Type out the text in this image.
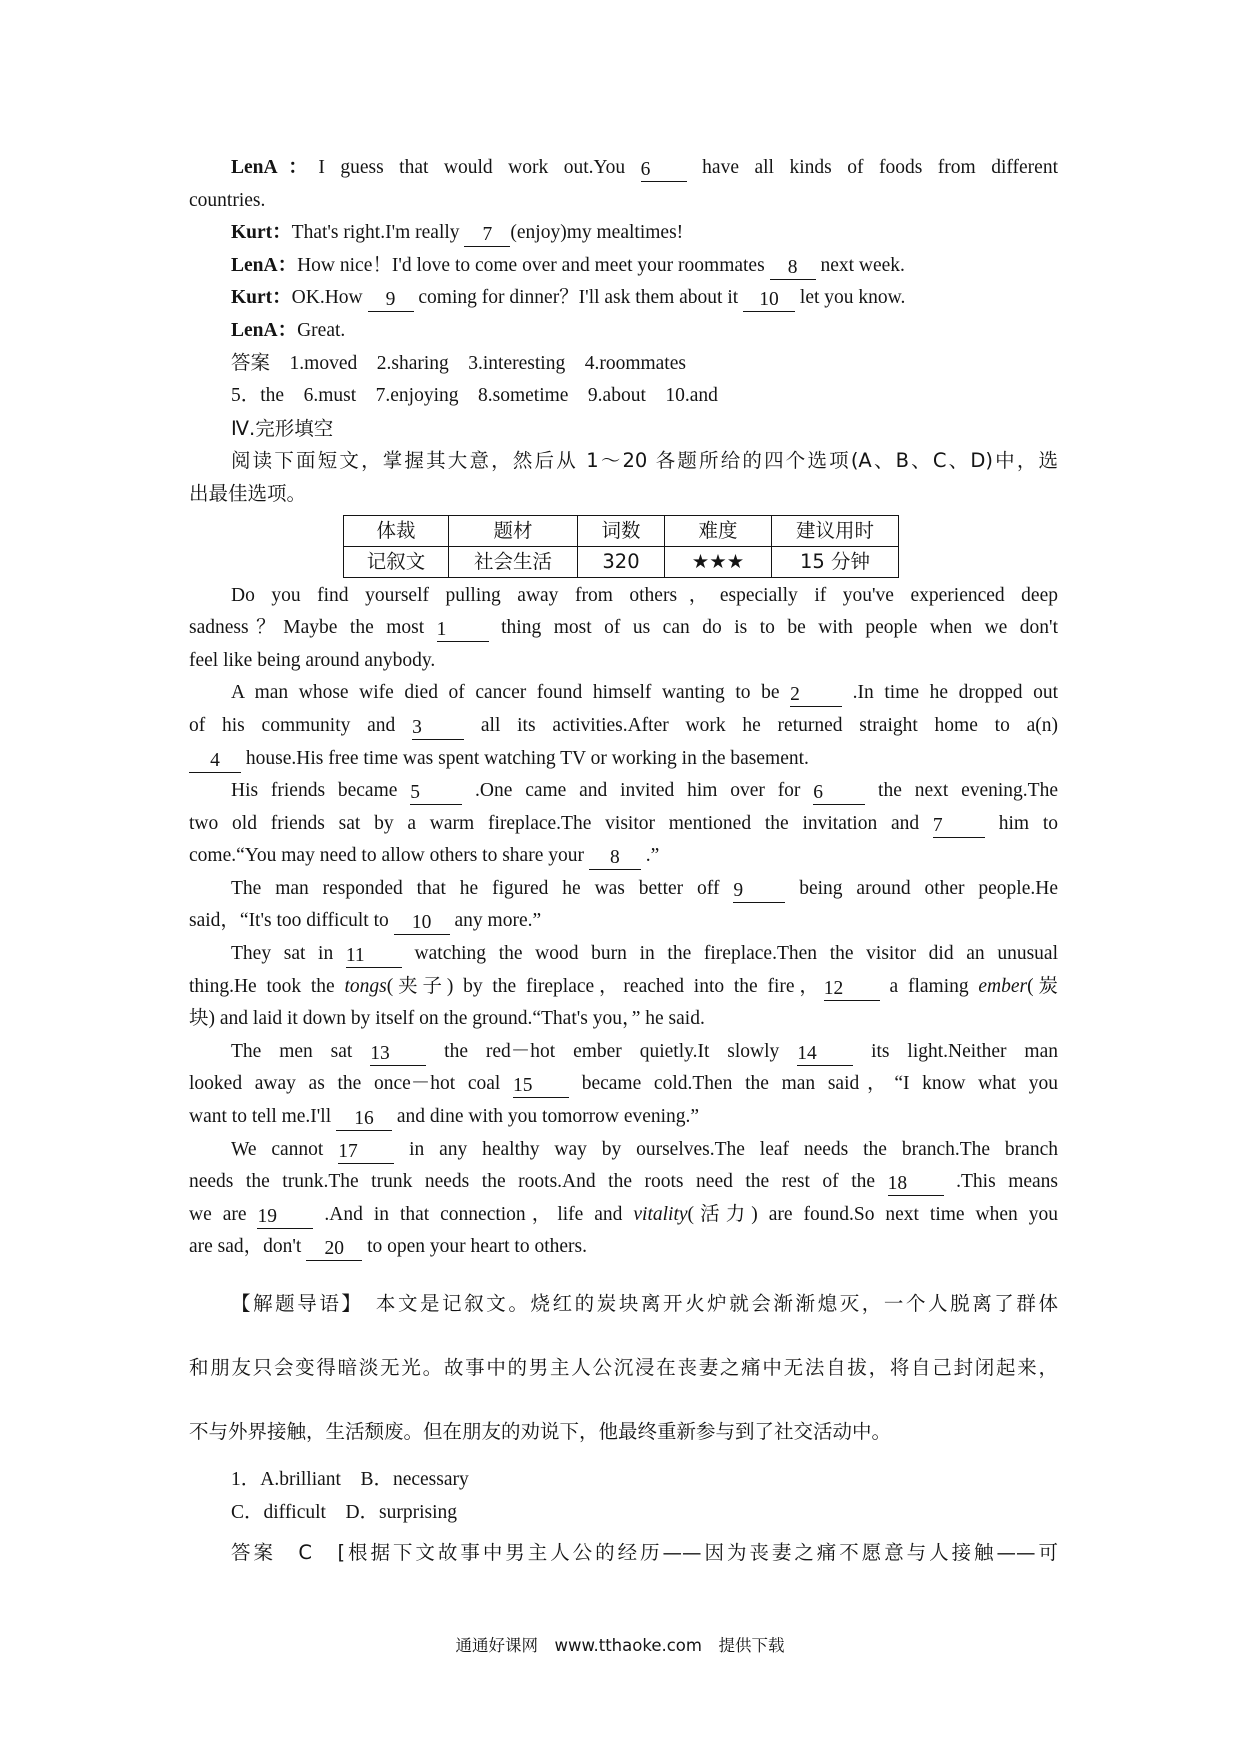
LenA：I guess that would work out.You 6 have all kinds of foods from different
countries.
Kurt：That's right.I'm really 7 (enjoy)my mealtimes!
LenA：How nice！I'd love to come over and meet your roommates 8 next week.
Kurt：OK.How 9 coming for dinner？I'll ask them about it 10 let you know.
LenA：Great.
答案　 1.moved　2.sharing　3.interesting　4.roommates
5．the　6.must　7.enjoying　8.sometime　9.about　10.and
Ⅳ.完形填空
阅读下面短文，掌握其大意，然后从 1～20 各题所给的四个选项(A、B、C、D)中，选
出最佳选项。
体裁	题材	词数	难度	建议用时
记叙文	社会生活	320	★★★	15 分钟
Do you find yourself pulling away from others，especially if you've experienced deep
sadness？Maybe the most 1 thing most of us can do is to be with people when we don't
feel like being around anybody.
A man whose wife died of cancer found himself wanting to be 2 .In time he dropped out
of his community and 3 all its activities.After work he returned straight home to a(n)
4 house.His free time was spent watching TV or working in the basement.
His friends became 5 .One came and invited him over for 6 the next evening.The
two old friends sat by a warm fireplace.The visitor mentioned the invitation and 7 him to
come.“You may need to allow others to share your 8 .”
The man responded that he figured he was better off 9 being around other people.He
said，“It's too difficult to 10 any more.”
They sat in 11 watching the wood burn in the fireplace.Then the visitor did an unusual
thing.He took the tongs(夹子) by the fireplace，reached into the fire，12 a flaming ember(炭
块) and laid it down by itself on the ground.“That's you，” he said.
The men sat 13 the red－hot ember quietly.It slowly 14 its light.Neither man
looked away as the once－hot coal 15 became cold.Then the man said，“I know what you
want to tell me.I'll 16 and dine with you tomorrow evening.”
We cannot 17 in any healthy way by ourselves.The leaf needs the branch.The branch
needs the trunk.The trunk needs the roots.And the roots need the rest of the 18 .This means
we are 19 .And in that connection，life and vitality(活力) are found.So next time when you
are sad，don't 20 to open your heart to others.
【解题导语】　 本文是记叙文。烧红的炭块离开火炉就会渐渐熄灭，一个人脱离了群体
和朋友只会变得暗淡无光。故事中的男主人公沉浸在丧妻之痛中无法自拔，将自己封闭起来，
不与外界接触，生活颓废。但在朋友的劝说下，他最终重新参与到了社交活动中。
1．A.brilliant　B．necessary
C．difficult　D．surprising
答案　 C　 [根据下文故事中男主人公的经历——因为丧妻之痛不愿意与人接触——可
通通好课网　www.tthaoke.com　提供下载
